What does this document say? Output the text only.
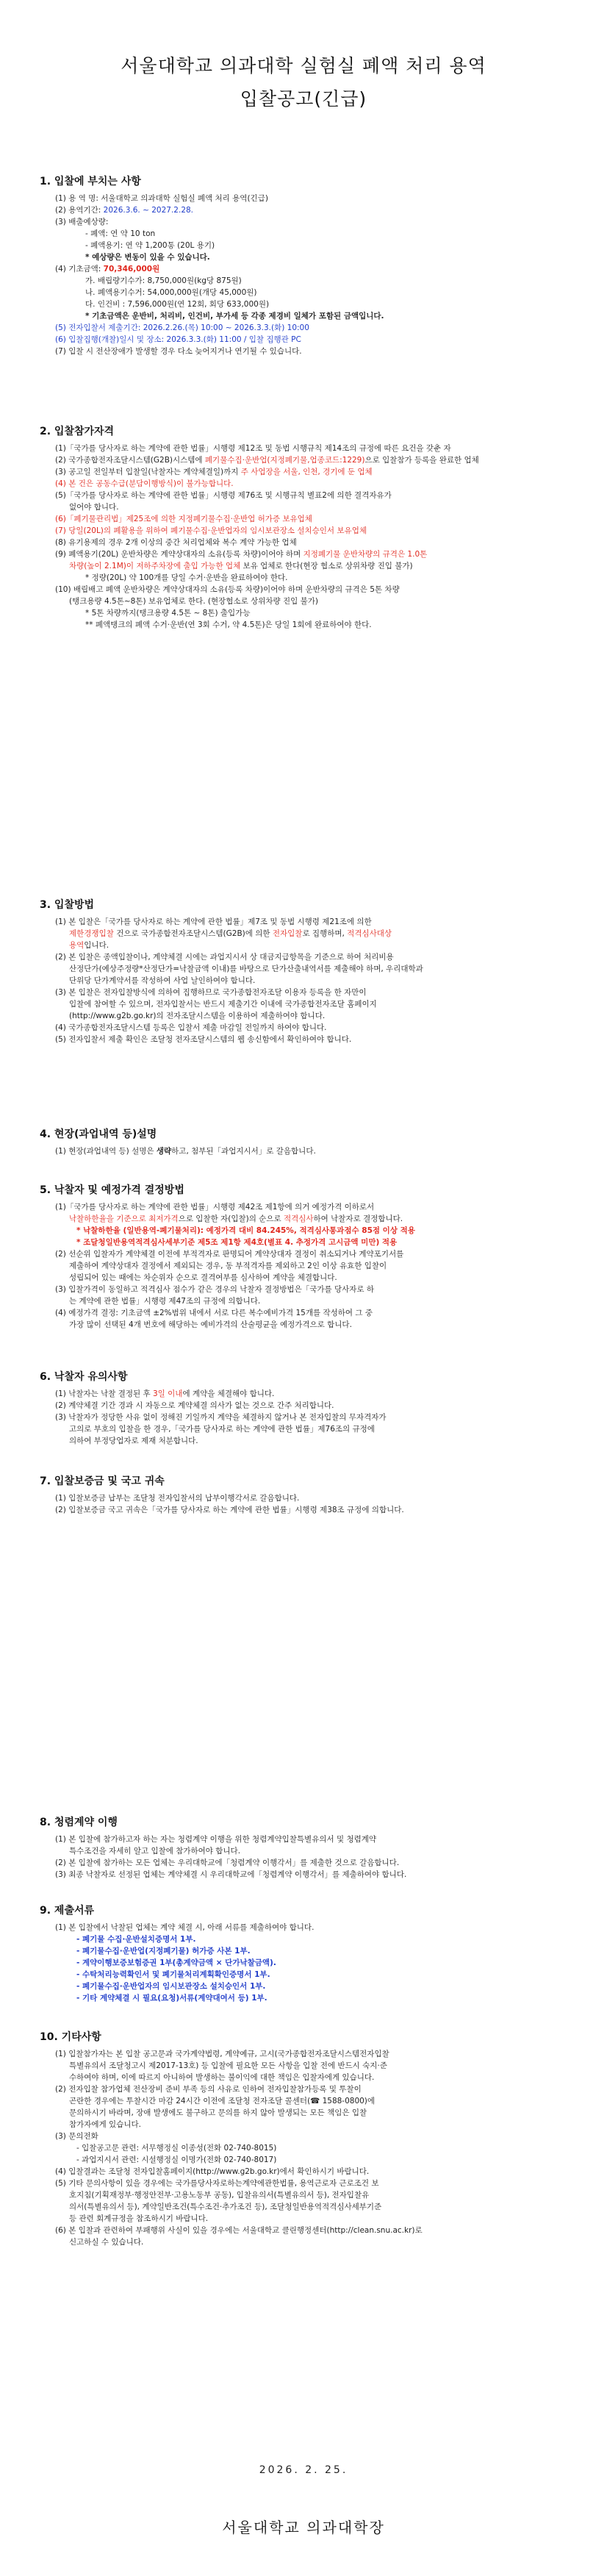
서울대학교 의과대학 실험실 폐액 처리 용역
입찰공고(긴급)

1. 입찰에 부치는 사항

(1) 용 역 명: 서울대학교 의과대학 실험실 폐액 처리 용역(긴급)

(2) 용역기간: 2026.3.6. ~ 2027.2.28.

(3) 배출예상량:

- 폐액: 연 약 10 ton

- 폐액용기: 연 약 1,200통 (20L 용기)

* 예상량은 변동이 있을 수 있습니다.

(4) 기초금액: 70,346,000원

가. 배립량기수가: 8,750,000원(kg당 875원)

나. 폐액용기수거: 54,000,000원(개당 45,000원)

다. 인건비 : 7,596,000원(연 12회, 회당 633,000원)

* 기초금액은 운반비, 처리비, 인건비, 부가세 등 각종 제경비 일체가 포함된 금액입니다.

(5) 전자입찰서 제출기간: 2026.2.26.(목) 10:00 ~ 2026.3.3.(화) 10:00

(6) 입찰집행(개찰)일시 및 장소: 2026.3.3.(화) 11:00 / 입찰 집행관 PC

(7) 입찰 시 전산장애가 발생할 경우 다소 늦어지거나 연기될 수 있습니다.

2. 입찰참가자격

(1)「국가를 당사자로 하는 계약에 관한 법률」시행령 제12조 및 동법 시행규칙 제14조의 규정에 따른 요건을 갖춘 자

(2) 국가종합전자조달시스템(G2B)시스템에 폐기물수집·운반업(지정폐기물,업종코드:1229)으로 입찰참가 등록을 완료한 업체

(3) 공고일 전일부터 입찰일(낙찰자는 계약체결일)까지 주 사업장을 서울, 인천, 경기에 둔 업체

(4) 본 건은 공동수급(분담이행방식)이 불가능합니다.

(5)「국가를 당사자로 하는 계약에 관한 법률」시행령 제76조 및 시행규칙 별표2에 의한 결격자유가

없어야 합니다.

(6)「폐기물관리법」제25조에 의한 지정폐기물수집·운반업 허가증 보유업체

(7) 당일(20L)의 폐활용을 위하여 폐기물수집·운반업자의 임시보관장소 설치승인서 보유업체

(8) 유기용제의 경우 2개 이상의 중간 처리업체와 복수 계약 가능한 업체

(9) 폐액용기(20L) 운반차량은 계약상대자의 소유(등록 차량)이어야 하며 지정폐기물 운반차량의 규격은 1.0톤

차량(높이 2.1M)이 저하주차장에 출입 가능한 업체 보유 업체로 한다(현장 협소로 상위차량 진입 불가)

* 정량(20L) 약 100개를 당일 수거·운반을 완료하여야 한다.

(10) 배립배고 폐액 운반차량은 계약상대자의 소유(등록 차량)이어야 하며 운반차량의 규격은 5톤 차량

(탱크용량 4.5톤~8톤) 보유업체로 한다. (현장협소로 상위차량 진입 불가)

* 5톤 차량까지(탱크용량 4.5톤 ~ 8톤) 출입가능

** 폐액탱크의 폐액 수거·운반(연 3회 수거, 약 4.5톤)은 당일 1회에 완료하여야 한다.

3. 입찰방법

(1) 본 입찰은「국가를 당사자로 하는 계약에 관한 법률」제7조 및 동법 시행령 제21조에 의한

제한경쟁입찰 건으로 국가종합전자조달시스템(G2B)에 의한 전자입찰로 집행하며, 적격심사대상

용역입니다.

(2) 본 입찰은 종액입찰이나, 계약체결 시에는 과업지시서 상 대금지급항목을 기준으로 하여 처리비용

산정단가(예상주정량*산정단가=낙찰금액 이내)를 바탕으로 단가산출내역서를 제출해야 하며, 우리대학과

단위당 단가계약서를 작성하여 사업 날인하여야 합니다.

(3) 본 입찰은 전자입찰방식에 의하여 집행하므로 국가종합전자조달 이용자 등록을 한 자만이

입찰에 참여할 수 있으며, 전자입찰서는 반드시 제출기간 이내에 국가종합전자조달 홈페이지

(http://www.g2b.go.kr)의 전자조달시스템을 이용하여 제출하여야 합니다.

(4) 국가종합전자조달시스템 등록은 입찰서 제출 마감일 전일까지 하여야 합니다.

(5) 전자입찰서 제출 확인은 조달청 전자조달시스템의 웹 송신함에서 확인하여야 합니다.

4. 현장(과업내역 등)설명

(1) 현장(과업내역 등) 설명은 생략하고, 첨부된「과업지시서」로 갈음합니다.

5. 낙찰자 및 예정가격 결정방법

(1)「국가를 당사자로 하는 계약에 관한 법률」시행령 제42조 제1항에 의거 예정가격 이하로서

낙찰하한율을 기준으로 최저가격으로 입찰한 자(입찰)의 순으로 적격심사하여 낙찰자로 결정합니다.

* 낙찰하한율 (일반용역-폐기물처리): 예정가격 대비 84.245%, 적격심사통과점수 85점 이상 적용

* 조달청일반용역적격심사세부기준 제5조 제1항 제4호(별표 4. 추정가격 고시금액 미만) 적용

(2) 선순위 입찰자가 계약체결 이전에 부적격자로 판명되어 계약상대자 결정이 취소되거나 계약포기서를

제출하여 계약상대자 결정에서 제외되는 경우, 동 부적격자를 제외하고 2인 이상 유효한 입찰이

성립되어 있는 때에는 차순위자 순으로 결격여부를 심사하여 계약을 체결합니다.

(3) 입찰가격이 동일하고 적격심사 점수가 같은 경우의 낙찰자 결정방법은「국가를 당사자로 하

는 계약에 관한 법률」시행령 제47조의 규정에 의합니다.

(4) 예정가격 결정: 기초금액 ±2%범위 내에서 서로 다른 복수예비가격 15개를 작성하여 그 중

가장 많이 선택된 4개 번호에 해당하는 예비가격의 산술평균을 예정가격으로 합니다.

6. 낙찰자 유의사항

(1) 낙찰자는 낙찰 결정된 후 3일 이내에 계약을 체결해야 합니다.

(2) 계약체결 기간 경과 시 자동으로 계약체결 의사가 없는 것으로 간주 처리합니다.

(3) 낙찰자가 정당한 사유 없이 정해진 기일까지 계약을 체결하지 않거나 본 전자입찰의 무자격자가

고의로 부호의 입찰을 한 경우,「국가를 당사자로 하는 계약에 관한 법률」제76조의 규정에

의하여 부정당업자로 제재 처분합니다.

7. 입찰보증금 및 국고 귀속

(1) 입찰보증금 납부는 조달청 전자입찰서의 납부이행각서로 갈음합니다.

(2) 입찰보증금 국고 귀속은「국가를 당사자로 하는 계약에 관한 법률」시행령 제38조 규정에 의합니다.

8. 청렴계약 이행

(1) 본 입찰에 참가하고자 하는 자는 청렴계약 이행을 위한 청렴계약입찰특별유의서 및 청렴계약

특수조건을 자세히 알고 입찰에 참가하여야 합니다.

(2) 본 입찰에 참가하는 모든 업체는 우리대학교에「청렴계약 이행각서」를 제출한 것으로 갈음합니다.

(3) 최종 낙찰자로 선정된 업체는 계약체결 시 우리대학교에「청렴계약 이행각서」를 제출하여야 합니다.

9. 제출서류

(1) 본 입찰에서 낙찰된 업체는 계약 체결 시, 아래 서류를 제출하여야 합니다.

- 폐기물 수집·운반설치증명서 1부.

- 폐기물수집·운반업(지정폐기물) 허가증 사본 1부.

- 계약이행보증보험증권 1부(총계약금액 × 단가낙찰금액).

- 수탁처리능력확인서 및 폐기물처리계획확인증명서 1부.

- 폐기물수집·운반업자의 임시보관장소 설치승인서 1부.

- 기타 계약체결 시 필요(요청)서류(계약대여서 등) 1부.

10. 기타사항

(1) 입찰참가자는 본 입찰 공고문과 국가계약법령, 계약예규, 고시(국가종합전자조달시스템전자입찰

특별유의서 조달청고시 제2017-13호) 등 입찰에 필요한 모든 사항을 입찰 전에 반드시 숙지·준

수하여야 하며, 이에 따르지 아니하여 발생하는 불이익에 대한 책임은 입찰자에게 있습니다.

(2) 전자입찰 참가업체 전산장비 준비 부족 등의 사유로 인하여 전자입찰참가등록 및 투찰이

곤란한 경우에는 투찰시간 마감 24시간 이전에 조달청 전자조달 콜센터(☎ 1588-0800)에

문의하시기 바라며, 장애 발생에도 불구하고 문의를 하지 않아 발생되는 모든 책임은 입찰

참가자에게 있습니다.

(3) 문의전화

- 입찰공고문 관련: 서무행정실 이종성(전화 02-740-8015)

- 과업지시서 관련: 시설행정실 이명가(전화 02-740-8017)

(4) 입찰결과는 조달청 전자입찰홈페이지(http://www.g2b.go.kr)에서 확인하시기 바랍니다.

(5) 기타 문의사항이 있을 경우에는 국가를당사자로하는계약에관한법률, 용역근로자 근로조건 보

호지침(기획재정부·행정안전부·고용노동부 공동), 입찰유의서(특별유의서 등), 전자입찰유

의서(특별유의서 등), 계약일반조건(특수조건·추가조건 등), 조달청일반용역적격심사세부기준

등 관련 회계규정을 참조하시기 바랍니다.

(6) 본 입찰과 관련하여 부패행위 사실이 있을 경우에는 서울대학교 클린행정센터(http://clean.snu.ac.kr)로

신고하실 수 있습니다.

2026. 2. 25.
서울대학교 의과대학장
